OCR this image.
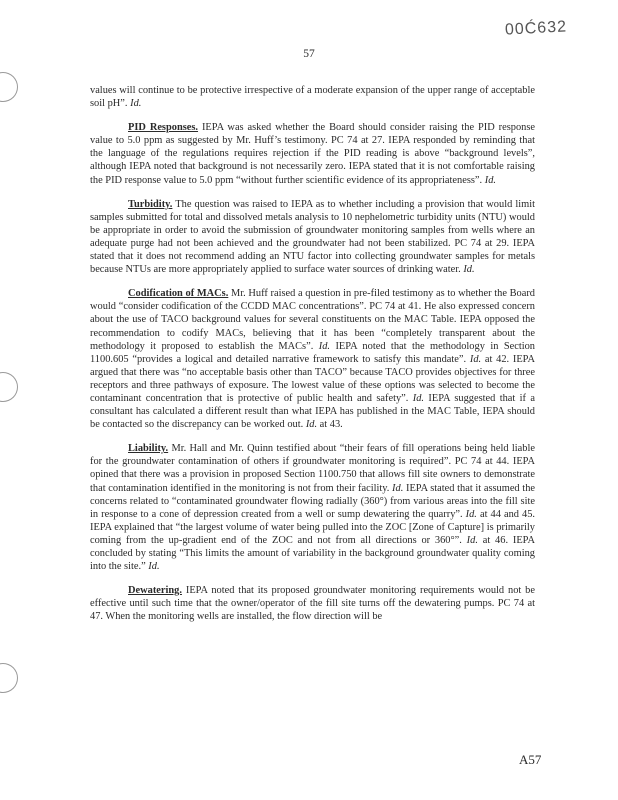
00Ć632
57

values will continue to be protective irrespective of a moderate expansion of the upper range of acceptable soil pH”. Id.

PID Responses. IEPA was asked whether the Board should consider raising the PID response value to 5.0 ppm as suggested by Mr. Huff’s testimony. PC 74 at 27. IEPA responded by reminding that the language of the regulations requires rejection if the PID reading is above “background levels”, although IEPA noted that background is not necessarily zero. IEPA stated that it is not comfortable raising the PID response value to 5.0 ppm “without further scientific evidence of its appropriateness”. Id.

Turbidity. The question was raised to IEPA as to whether including a provision that would limit samples submitted for total and dissolved metals analysis to 10 nephelometric turbidity units (NTU) would be appropriate in order to avoid the submission of groundwater monitoring samples from wells where an adequate purge had not been achieved and the groundwater had not been stabilized. PC 74 at 29. IEPA stated that it does not recommend adding an NTU factor into collecting groundwater samples for metals because NTUs are more appropriately applied to surface water sources of drinking water. Id.

Codification of MACs. Mr. Huff raised a question in pre-filed testimony as to whether the Board would “consider codification of the CCDD MAC concentrations”. PC 74 at 41. He also expressed concern about the use of TACO background values for several constituents on the MAC Table. IEPA opposed the recommendation to codify MACs, believing that it has been “completely transparent about the methodology it proposed to establish the MACs”. Id. IEPA noted that the methodology in Section 1100.605 “provides a logical and detailed narrative framework to satisfy this mandate”. Id. at 42. IEPA argued that there was “no acceptable basis other than TACO” because TACO provides objectives for three receptors and three pathways of exposure. The lowest value of these options was selected to become the contaminant concentration that is protective of public health and safety”. Id. IEPA suggested that if a consultant has calculated a different result than what IEPA has published in the MAC Table, IEPA should be contacted so the discrepancy can be worked out. Id. at 43.

Liability. Mr. Hall and Mr. Quinn testified about “their fears of fill operations being held liable for the groundwater contamination of others if groundwater monitoring is required”. PC 74 at 44. IEPA opined that there was a provision in proposed Section 1100.750 that allows fill site owners to demonstrate that contamination identified in the monitoring is not from their facility. Id. IEPA stated that it assumed the concerns related to “contaminated groundwater flowing radially (360°) from various areas into the fill site in response to a cone of depression created from a well or sump dewatering the quarry”. Id. at 44 and 45. IEPA explained that “the largest volume of water being pulled into the ZOC [Zone of Capture] is primarily coming from the up-gradient end of the ZOC and not from all directions or 360°”. Id. at 46. IEPA concluded by stating “This limits the amount of variability in the background groundwater quality coming into the site.” Id.

Dewatering. IEPA noted that its proposed groundwater monitoring requirements would not be effective until such time that the owner/operator of the fill site turns off the dewatering pumps. PC 74 at 47. When the monitoring wells are installed, the flow direction will be

A57
